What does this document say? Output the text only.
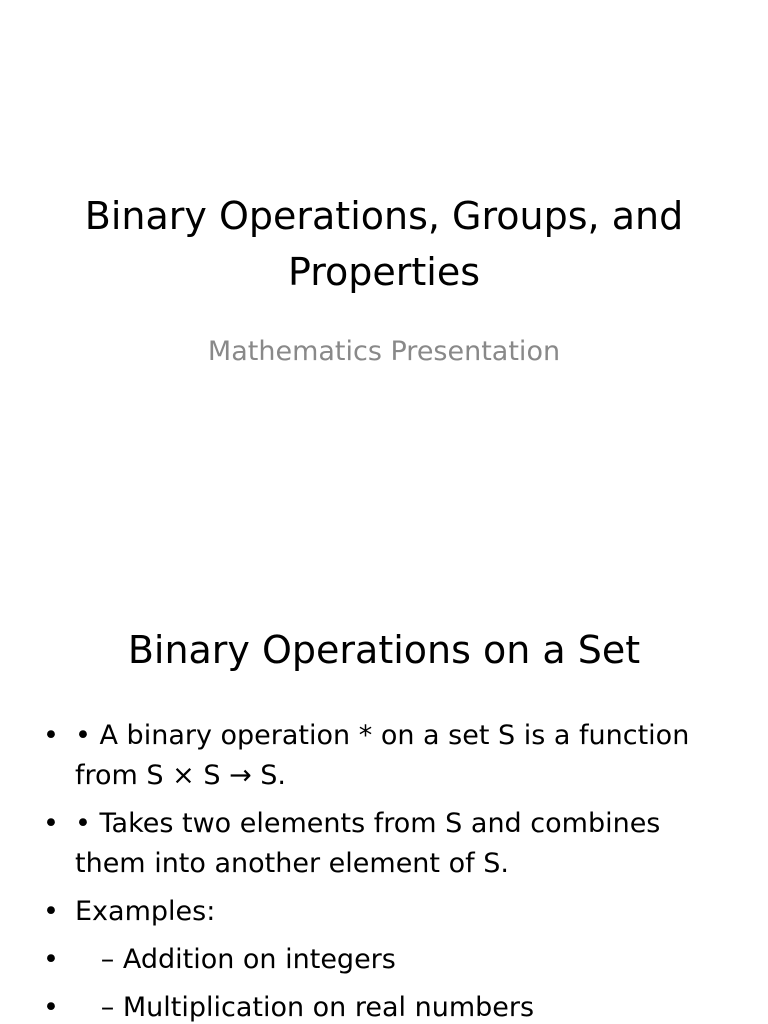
Binary Operations, Groups, and Properties

Mathematics Presentation

Binary Operations on a Set
• • A binary operation * on a set S is a function from S × S → S.
• • Takes two elements from S and combines them into another element of S.
• Examples:
• – Addition on integers
• – Multiplication on real numbers
